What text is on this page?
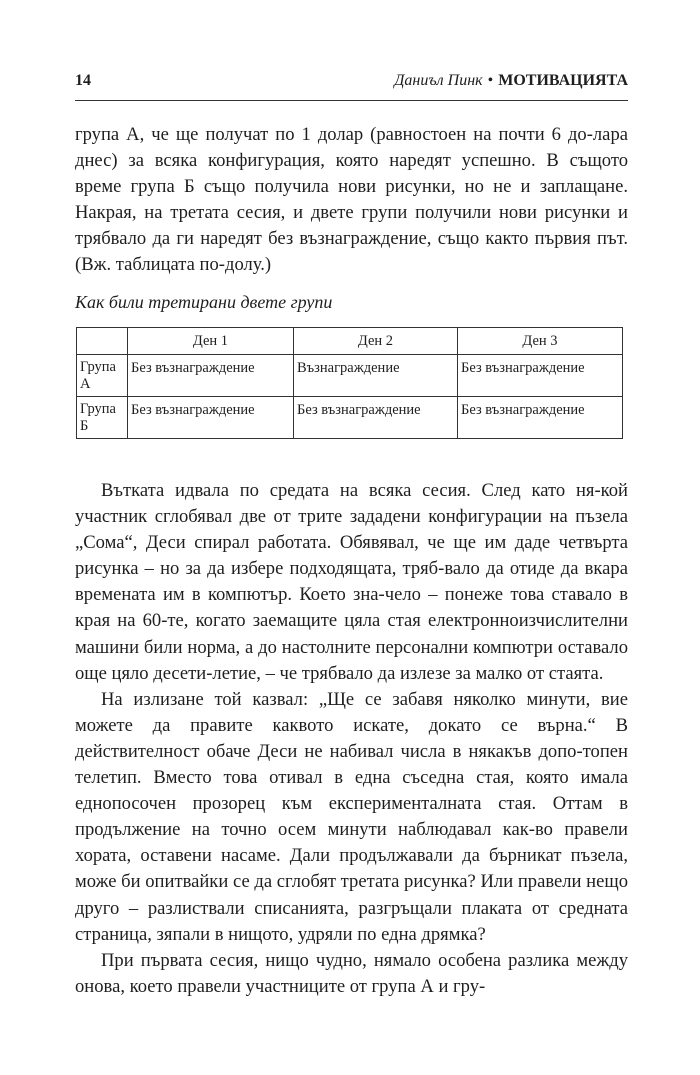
14	Даниъл Пинк • МОТИВАЦИЯТА

група А, че ще получат по 1 долар (равностоен на почти 6 до-лара днес) за всяка конфигурация, която наредят успешно. В същото време група Б също получила нови рисунки, но не и заплащане. Накрая, на третата сесия, и двете групи получили нови рисунки и трябвало да ги наредят без възнаграждение, също както първия път. (Вж. таблицата по-долу.)

Как били третирани двете групи
	Ден 1	Ден 2	Ден 3
Група А	Без възнаграждение	Възнаграждение	Без възнаграждение
Група Б	Без възнаграждение	Без възнаграждение	Без възнаграждение

Вътката идвала по средата на всяка сесия. След като ня-кой участник сглобявал две от трите зададени конфигурации на пъзела „Сома“, Деси спирал работата. Обявявал, че ще им даде четвърта рисунка – но за да избере подходящата, тряб-вало да отиде да вкара времената им в компютър. Което зна-чело – понеже това ставало в края на 60-те, когато заемащите цяла стая електронноизчислителни машини били норма, а до настолните персонални компютри оставало още цяло десети-летие, – че трябвало да излезе за малко от стаята.

На излизане той казвал: „Ще се забавя няколко минути, вие можете да правите каквото искате, докато се върна.“ В действителност обаче Деси не набивал числа в някакъв допо-топен телетип. Вместо това отивал в една съседна стая, която имала еднопосочен прозорец към експерименталната стая. Оттам в продължение на точно осем минути наблюдавал как-во правели хората, оставени насаме. Дали продължавали да бърникат пъзела, може би опитвайки се да сглобят третата рисунка? Или правели нещо друго – разлиствали списанията, разгръщали плаката от средната страница, зяпали в нищото, удряли по една дрямка?

При първата сесия, нищо чудно, нямало особена разлика между онова, което правели участниците от група А и гру-
